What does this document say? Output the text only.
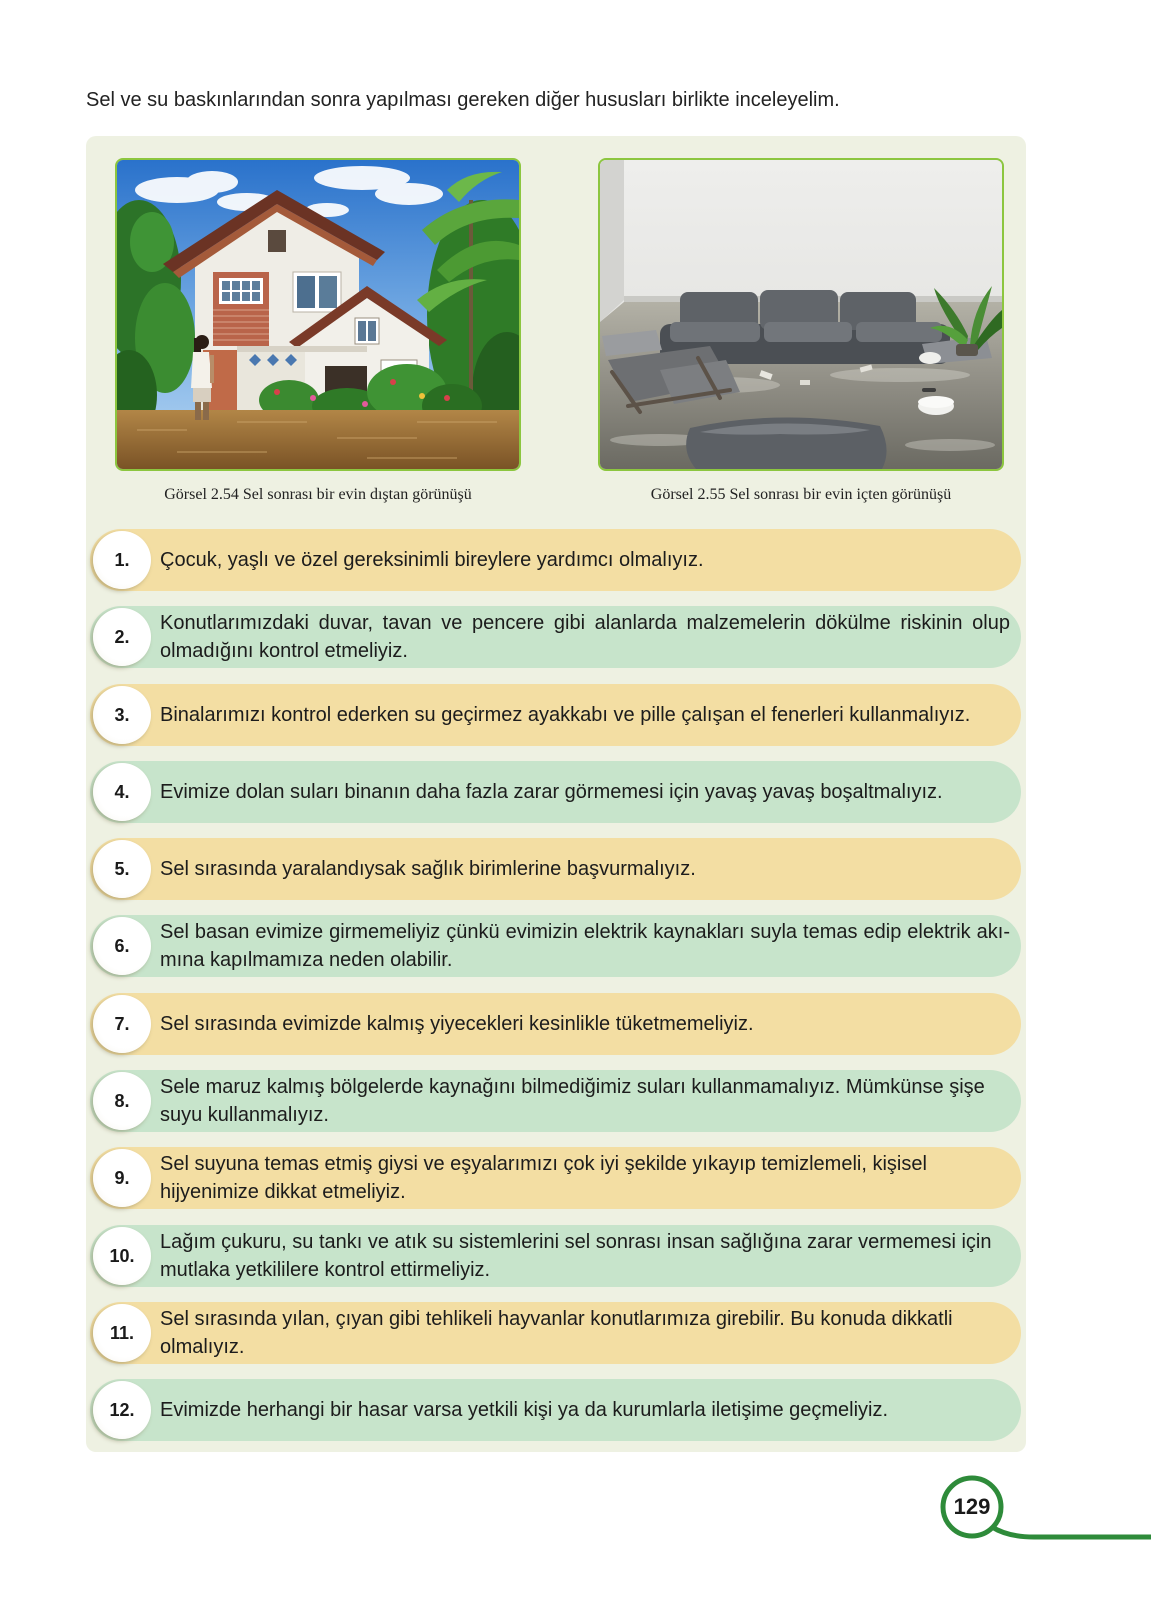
Sel ve su baskınlarından sonra yapılması gereken diğer hususları birlikte inceleyelim.
Görsel 2.54 Sel sonrası bir evin dıştan görünüşü	Görsel 2.55 Sel sonrası bir evin içten görünüşü
1.	Çocuk, yaşlı ve özel gereksinimli bireylere yardımcı olmalıyız.
2.
Konutlarımızdaki duvar, tavan ve pencere gibi alanlarda malzemelerin dökülme riskinin olup
olmadığını kontrol etmeliyiz.
3.	Binalarımızı kontrol ederken su geçirmez ayakkabı ve pille çalışan el fenerleri kullanmalıyız.
4.	Evimize dolan suları binanın daha fazla zarar görmemesi için yavaş yavaş boşaltmalıyız.
5.	Sel sırasında yaralandıysak sağlık birimlerine başvurmalıyız.
6.
Sel basan evimize girmemeliyiz çünkü evimizin elektrik kaynakları suyla temas edip elektrik akı-
mına kapılmamıza neden olabilir.
7.	Sel sırasında evimizde kalmış yiyecekleri kesinlikle tüketmemeliyiz.
8.
Sele maruz kalmış bölgelerde kaynağını bilmediğimiz suları kullanmamalıyız. Mümkünse şişe
suyu kullanmalıyız.
9.
Sel suyuna temas etmiş giysi ve eşyalarımızı çok iyi şekilde yıkayıp temizlemeli, kişisel
hijyenimize dikkat etmeliyiz.
10.
Lağım çukuru, su tankı ve atık su sistemlerini sel sonrası insan sağlığına zarar vermemesi için
mutlaka yetkililere kontrol ettirmeliyiz.
11.
Sel sırasında yılan, çıyan gibi tehlikeli hayvanlar konutlarımıza girebilir. Bu konuda dikkatli
olmalıyız.
12.	Evimizde herhangi bir hasar varsa yetkili kişi ya da kurumlarla iletişime geçmeliyiz.
129
